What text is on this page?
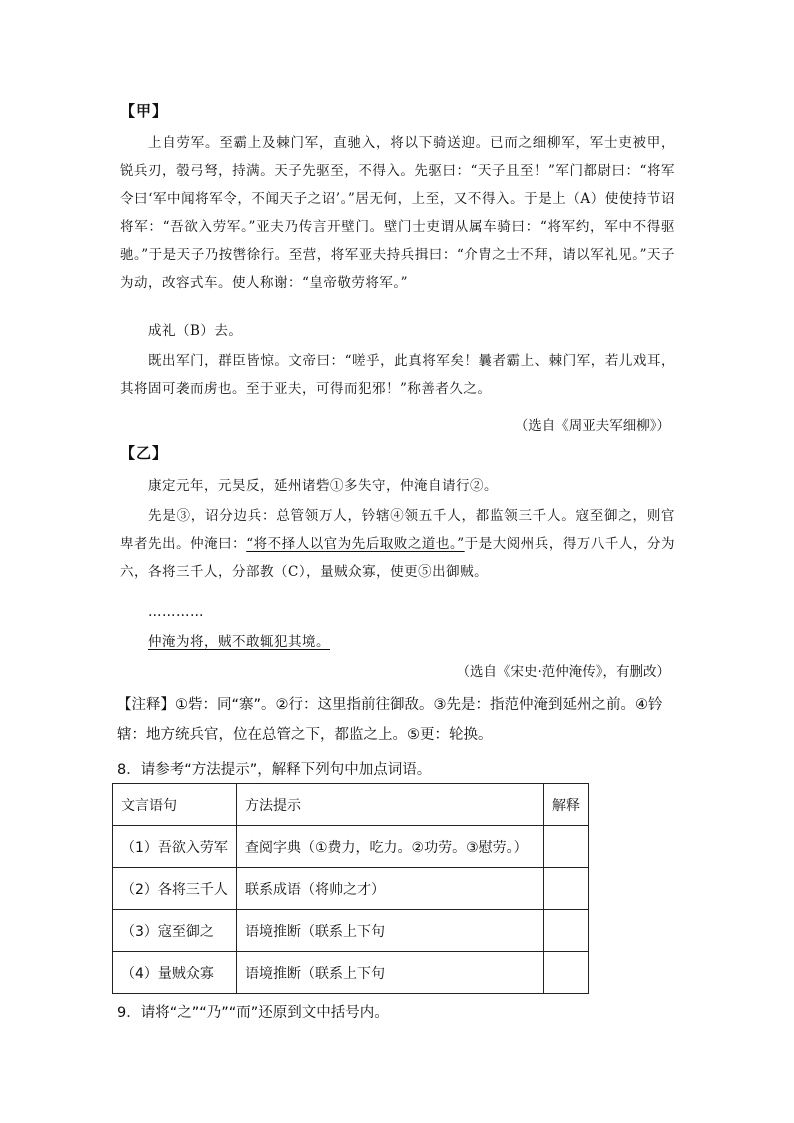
【甲】
上自劳军。至霸上及棘门军，直驰入，将以下骑送迎。已而之细柳军，军士吏被甲，锐兵刃，彀弓弩，持满。天子先驱至，不得入。先驱曰：“天子且至！”军门都尉曰：“将军令曰‘军中闻将军令，不闻天子之诏’。”居无何，上至，又不得入。于是上（A）使使持节诏将军：“吾欲入劳军。”亚夫乃传言开壁门。壁门士吏谓从属车骑曰：“将军约，军中不得驱驰。”于是天子乃按辔徐行。至营，将军亚夫持兵揖曰：“介胄之士不拜，请以军礼见。”天子为动，改容式车。使人称谢：“皇帝敬劳将军。”
成礼（B）去。
既出军门，群臣皆惊。文帝曰：“嗟乎，此真将军矣！曩者霸上、棘门军，若儿戏耳，其将固可袭而虏也。至于亚夫，可得而犯邪！”称善者久之。
（选自《周亚夫军细柳》）
【乙】
康定元年，元昊反，延州诸砦①多失守，仲淹自请行②。
先是③，诏分边兵：总管领万人，钤辖④领五千人，都监领三千人。寇至御之，则官卑者先出。仲淹曰：“将不择人以官为先后取败之道也。”于是大阅州兵，得万八千人，分为六，各将三千人，分部教（C），量贼众寡，使更⑤出御贼。
…………
仲淹为将，贼不敢辄犯其境。
（选自《宋史·范仲淹传》，有删改）
【注释】①砦：同“寨”。②行：这里指前往御敌。③先是：指范仲淹到延州之前。④钤辖：地方统兵官，位在总管之下，都监之上。⑤更：轮换。
8．请参考“方法提示”，解释下列句中加点词语。
文言语句	方法提示	解释
（1）吾欲入劳军	查阅字典（①费力，吃力。②功劳。③慰劳。）	
（2）各将三千人	联系成语（将帅之才）	
（3）寇至御之	语境推断（联系上下句	
（4）量贼众寡	语境推断（联系上下句	
9．请将“之”“乃”“而”还原到文中括号内。
